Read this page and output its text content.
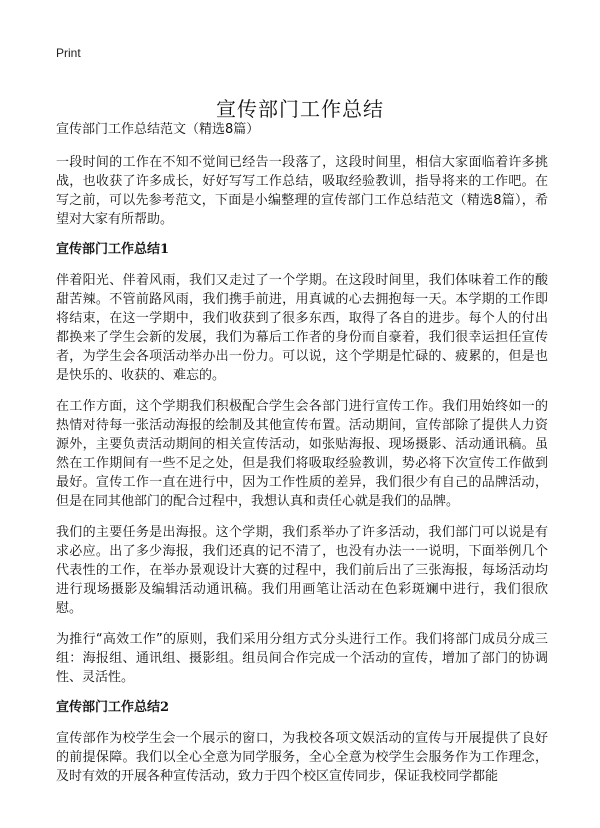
Print
宣传部门工作总结

宣传部门工作总结范文（精选8篇）

一段时间的工作在不知不觉间已经告一段落了，这段时间里，相信大家面临着许多挑战，也收获了许多成长，好好写写工作总结，吸取经验教训，指导将来的工作吧。在写之前，可以先参考范文，下面是小编整理的宣传部门工作总结范文（精选8篇），希望对大家有所帮助。

宣传部门工作总结1

伴着阳光、伴着风雨，我们又走过了一个学期。在这段时间里，我们体味着工作的酸甜苦辣。不管前路风雨，我们携手前进，用真诚的心去拥抱每一天。本学期的工作即将结束，在这一学期中，我们收获到了很多东西，取得了各自的进步。每个人的付出都换来了学生会新的发展，我们为幕后工作者的身份而自豪着，我们很幸运担任宣传者，为学生会各项活动举办出一份力。可以说，这个学期是忙碌的、疲累的，但是也是快乐的、收获的、难忘的。

在工作方面，这个学期我们积极配合学生会各部门进行宣传工作。我们用始终如一的热情对待每一张活动海报的绘制及其他宣传布置。活动期间，宣传部除了提供人力资源外，主要负责活动期间的相关宣传活动，如张贴海报、现场摄影、活动通讯稿。虽然在工作期间有一些不足之处，但是我们将吸取经验教训，势必将下次宣传工作做到最好。宣传工作一直在进行中，因为工作性质的差异，我们很少有自己的品牌活动，但是在同其他部门的配合过程中，我想认真和责任心就是我们的品牌。

我们的主要任务是出海报。这个学期，我们系举办了许多活动，我们部门可以说是有求必应。出了多少海报，我们还真的记不清了，也没有办法一一说明，下面举例几个代表性的工作，在举办景观设计大赛的过程中，我们前后出了三张海报，每场活动均进行现场摄影及编辑活动通讯稿。我们用画笔让活动在色彩斑斓中进行，我们很欣慰。

为推行“高效工作”的原则，我们采用分组方式分头进行工作。我们将部门成员分成三组：海报组、通讯组、摄影组。组员间合作完成一个活动的宣传，增加了部门的协调性、灵活性。

宣传部门工作总结2

宣传部作为校学生会一个展示的窗口，为我校各项文娱活动的宣传与开展提供了良好的前提保障。我们以全心全意为同学服务，全心全意为校学生会服务作为工作理念，及时有效的开展各种宣传活动，致力于四个校区宣传同步，保证我校同学都能
